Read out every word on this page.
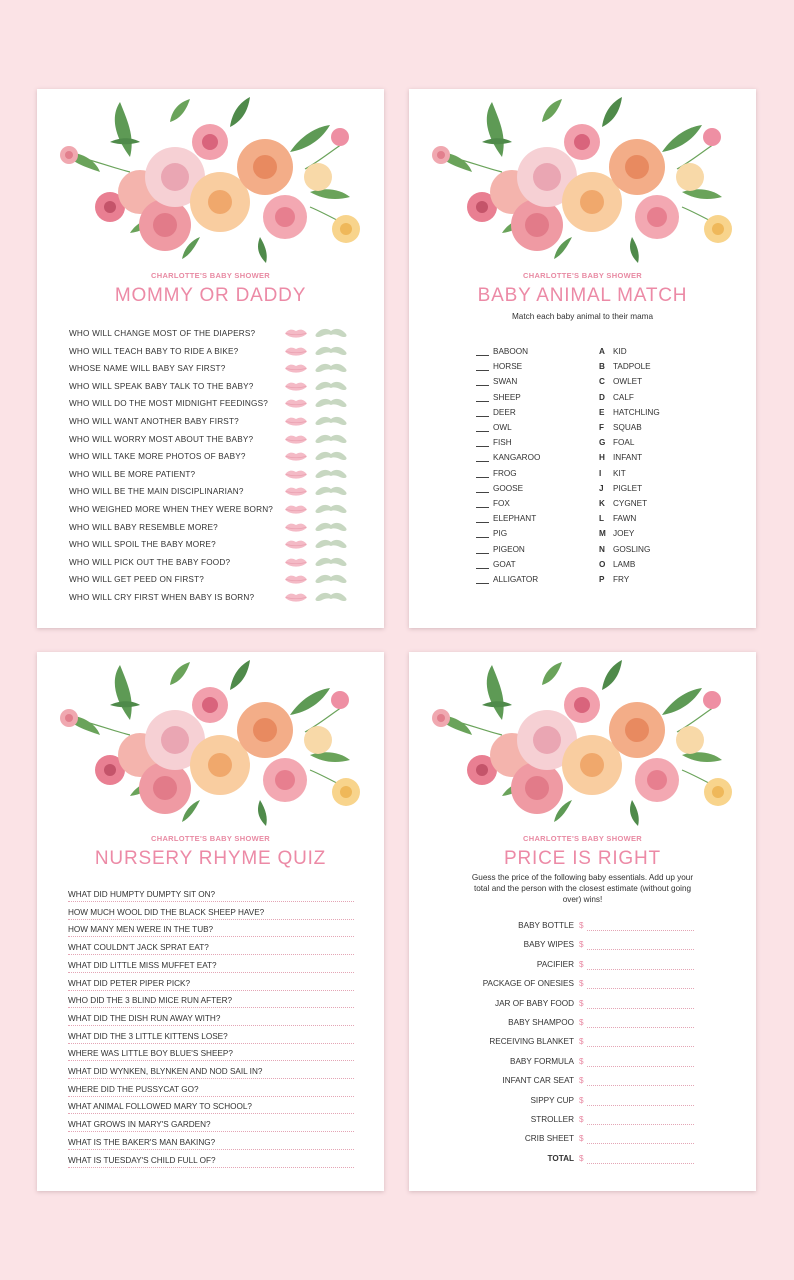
CHARLOTTE'S BABY SHOWER
MOMMY OR DADDY
WHO WILL CHANGE MOST OF THE DIAPERS?
WHO WILL TEACH BABY TO RIDE A BIKE?
WHOSE NAME WILL BABY SAY FIRST?
WHO WILL SPEAK BABY TALK TO THE BABY?
WHO WILL DO THE MOST MIDNIGHT FEEDINGS?
WHO WILL WANT ANOTHER BABY FIRST?
WHO WILL WORRY MOST ABOUT THE BABY?
WHO WILL TAKE MORE PHOTOS OF BABY?
WHO WILL BE MORE PATIENT?
WHO WILL BE THE MAIN DISCIPLINARIAN?
WHO WEIGHED MORE WHEN THEY WERE BORN?
WHO WILL BABY RESEMBLE MORE?
WHO WILL SPOIL THE BABY MORE?
WHO WILL PICK OUT THE BABY FOOD?
WHO WILL GET PEED ON FIRST?
WHO WILL CRY FIRST WHEN BABY IS BORN?
CHARLOTTE'S BABY SHOWER
BABY ANIMAL MATCH
Match each baby animal to their mama
BABOON	A KID
HORSE	B TADPOLE
SWAN	C OWLET
SHEEP	D CALF
DEER	E HATCHLING
OWL	F SQUAB
FISH	G FOAL
KANGAROO	H INFANT
FROG	I KIT
GOOSE	J PIGLET
FOX	K CYGNET
ELEPHANT	L FAWN
PIG	M JOEY
PIGEON	N GOSLING
GOAT	O LAMB
ALLIGATOR	P FRY
CHARLOTTE'S BABY SHOWER
NURSERY RHYME QUIZ
WHAT DID HUMPTY DUMPTY SIT ON?
HOW MUCH WOOL DID THE BLACK SHEEP HAVE?
HOW MANY MEN WERE IN THE TUB?
WHAT COULDN'T JACK SPRAT EAT?
WHAT DID LITTLE MISS MUFFET EAT?
WHAT DID PETER PIPER PICK?
WHO DID THE 3 BLIND MICE RUN AFTER?
WHAT DID THE DISH RUN AWAY WITH?
WHAT DID THE 3 LITTLE KITTENS LOSE?
WHERE WAS LITTLE BOY BLUE'S SHEEP?
WHAT DID WYNKEN, BLYNKEN AND NOD SAIL IN?
WHERE DID THE PUSSYCAT GO?
WHAT ANIMAL FOLLOWED MARY TO SCHOOL?
WHAT GROWS IN MARY'S GARDEN?
WHAT IS THE BAKER'S MAN BAKING?
WHAT IS TUESDAY'S CHILD FULL OF?
CHARLOTTE'S BABY SHOWER
PRICE IS RIGHT
Guess the price of the following baby essentials. Add up your total and the person with the closest estimate (without going over) wins!
BABY BOTTLE $
BABY WIPES $
PACIFIER $
PACKAGE OF ONESIES $
JAR OF BABY FOOD $
BABY SHAMPOO $
RECEIVING BLANKET $
BABY FORMULA $
INFANT CAR SEAT $
SIPPY CUP $
STROLLER $
CRIB SHEET $
TOTAL $
